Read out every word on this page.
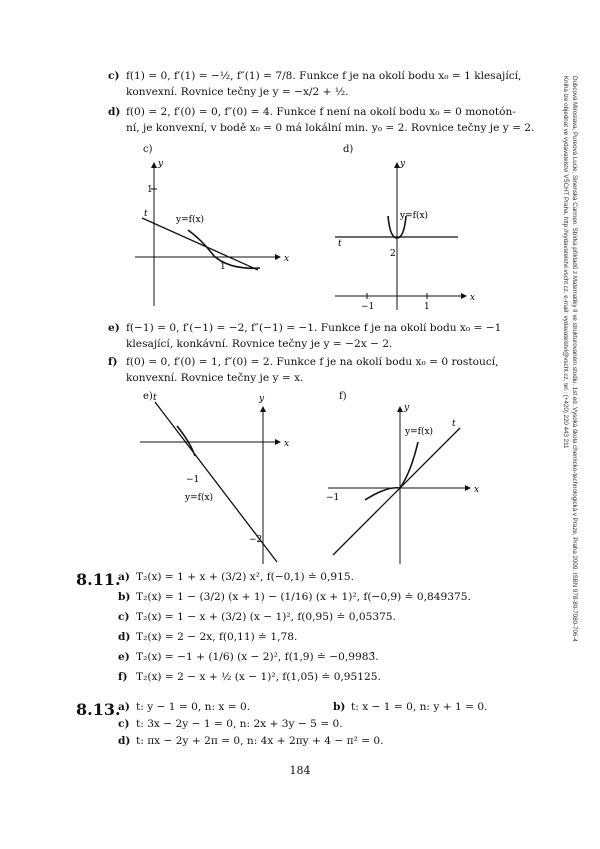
Dubcová Miroslava, Pureová Lucie, Sinenská Carmen: Sbírka příkladů z Matematiky II ve strukturovaném studiu. 1st ed. Vysoká škola chemicko-technologická v Praze, Praha 2009. ISBN 978-80-7080-706-4
Kniha lze objednat ve vydavatelství VŠCHT Praha, http://vydavatelstvi.vscht.cz, e-mail: vydavatelstvi@vscht.cz, tel.: (+420) 220 443 211
c) f(1) = 0, f′(1) = −½, f″(1) = 7/8. Funkce f je na okolí bodu x₀ = 1 klesající,
konvexní. Rovnice tečny je y = −x/2 + ½.
d) f(0) = 2, f′(0) = 0, f″(0) = 4. Funkce f není na okolí bodu x₀ = 0 monotón-
ní, je konvexní, v bodě x₀ = 0 má lokální min. y₀ = 2. Rovnice tečny je y = 2.
c)
y
x
t
y=f(x)
1
1
d)
y
x
t
y=f(x)
2
−1	1
e) f(−1) = 0, f′(−1) = −2, f″(−1) = −1. Funkce f je na okolí bodu x₀ = −1
klesající, konkávní. Rovnice tečny je y = −2x − 2.
f) f(0) = 0, f′(0) = 1, f″(0) = 2. Funkce f je na okolí bodu x₀ = 0 rostoucí,
konvexní. Rovnice tečny je y = x.
e)	y
x
t
y=f(x)
−1
−2
f)
y
x
t
y=f(x)
−1
8.11.
a) T₂(x) = 1 + x + (3/2) x², f(−0,1) ≐ 0,915.
b) T₂(x) = 1 − (3/2) (x + 1) − (1/16) (x + 1)², f(−0,9) ≐ 0,849375.
c) T₂(x) = 1 − x + (3/2) (x − 1)², f(0,95) ≐ 0,05375.
d) T₂(x) = 2 − 2x, f(0,11) ≐ 1,78.
e) T₂(x) = −1 + (1/6) (x − 2)², f(1,9) ≐ −0,9983̄.
f) T₂(x) = 2 − x + ½ (x − 1)², f(1,05) ≐ 0,95125.
8.13.
a) t: y − 1 = 0, n: x = 0.	b) t: x − 1 = 0, n: y + 1 = 0.
c) t: 3x − 2y − 1 = 0, n: 2x + 3y − 5 = 0.
d) t: πx − 2y + 2π = 0, n: 4x + 2πy + 4 − π² = 0.
184
